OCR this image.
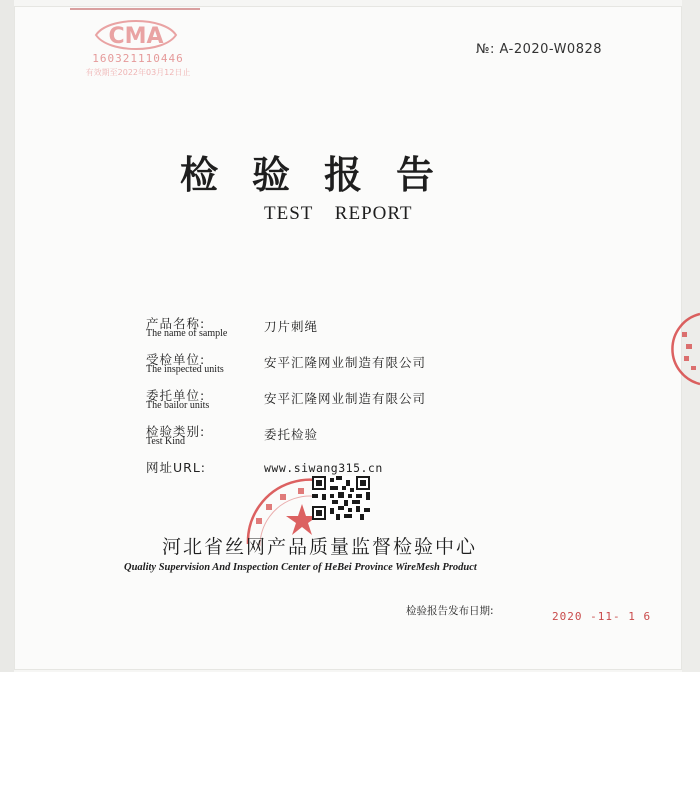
CMA
160321110446
有效期至2022年03月12日止
№: A-2020-W0828
检验报告
TEST REPORT
产品名称:
The name of sample	刀片刺绳
受检单位:
The inspected units	安平汇隆网业制造有限公司
委托单位:
The bailor units	安平汇隆网业制造有限公司
检验类别:
Test Kind	委托检验
网址URL:	www.siwang315.cn
河北省丝网产品质量监督检验中心
Quality Supervision And Inspection Center of HeBei Province WireMesh Product
检验报告发布日期:	2020 -11- 1 6
